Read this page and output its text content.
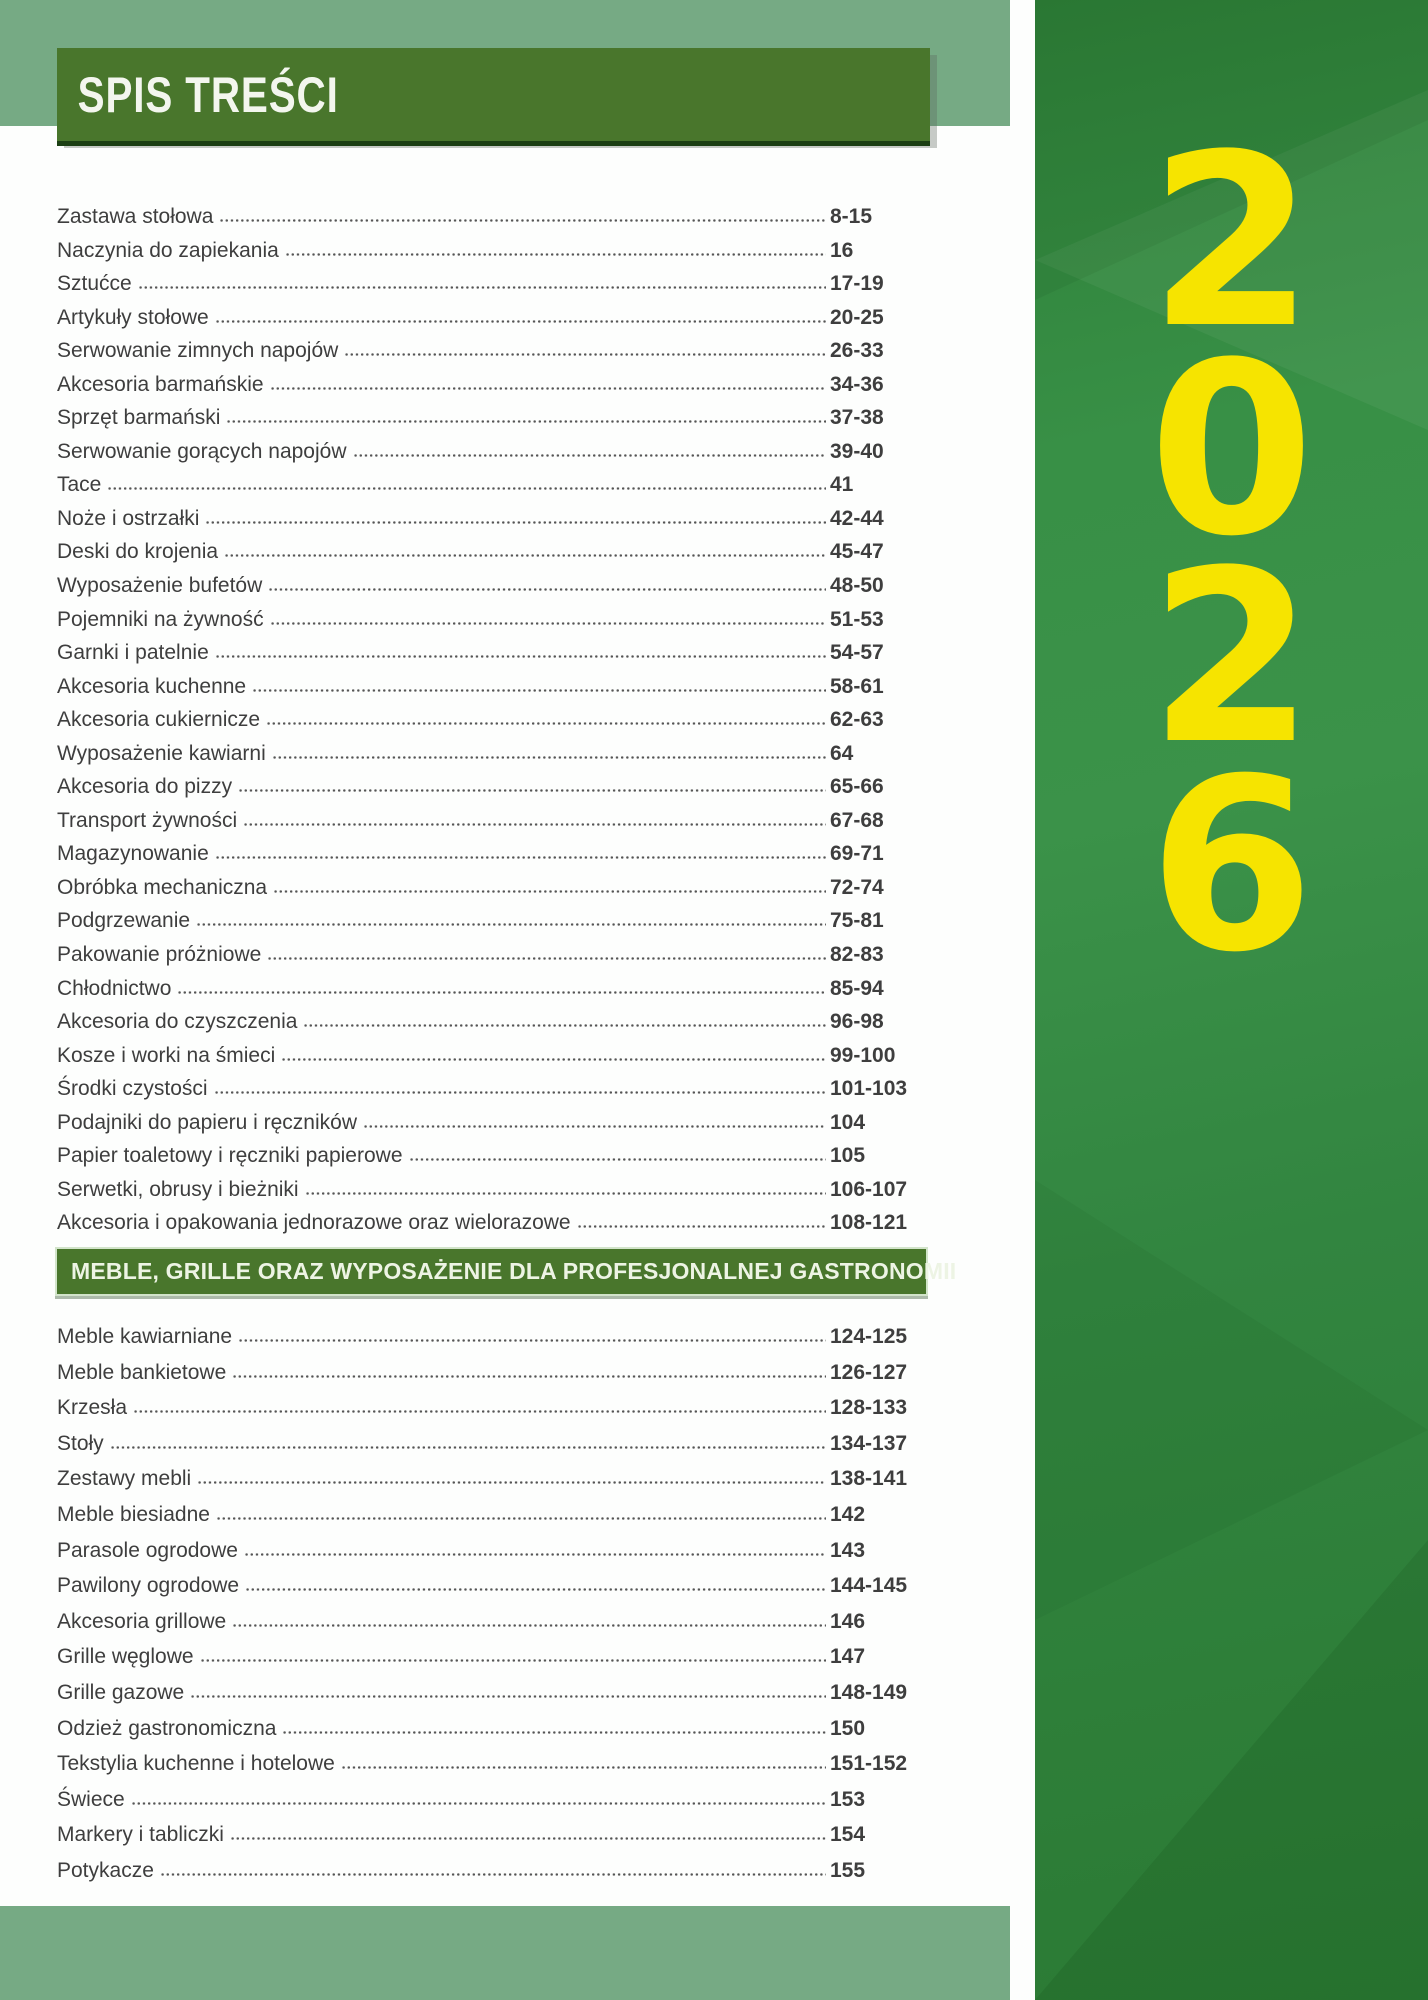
2
0
2
6
SPIS TREŚCI
Zastawa stołowa	8-15
Naczynia do zapiekania	16
Sztućce	17-19
Artykuły stołowe	20-25
Serwowanie zimnych napojów	26-33
Akcesoria barmańskie	34-36
Sprzęt barmański	37-38
Serwowanie gorących napojów	39-40
Tace	41
Noże i ostrzałki	42-44
Deski do krojenia	45-47
Wyposażenie bufetów	48-50
Pojemniki na żywność	51-53
Garnki i patelnie	54-57
Akcesoria kuchenne	58-61
Akcesoria cukiernicze	62-63
Wyposażenie kawiarni	64
Akcesoria do pizzy	65-66
Transport żywności	67-68
Magazynowanie	69-71
Obróbka mechaniczna	72-74
Podgrzewanie	75-81
Pakowanie próżniowe	82-83
Chłodnictwo	85-94
Akcesoria do czyszczenia	96-98
Kosze i worki na śmieci	99-100
Środki czystości	101-103
Podajniki do papieru i ręczników	104
Papier toaletowy i ręczniki papierowe	105
Serwetki, obrusy i bieżniki	106-107
Akcesoria i opakowania jednorazowe oraz wielorazowe	108-121
MEBLE, GRILLE ORAZ WYPOSAŻENIE DLA PROFESJONALNEJ GASTRONOMII
Meble kawiarniane	124-125
Meble bankietowe	126-127
Krzesła	128-133
Stoły	134-137
Zestawy mebli	138-141
Meble biesiadne	142
Parasole ogrodowe	143
Pawilony ogrodowe	144-145
Akcesoria grillowe	146
Grille węglowe	147
Grille gazowe	148-149
Odzież gastronomiczna	150
Tekstylia kuchenne i hotelowe	151-152
Świece	153
Markery i tabliczki	154
Potykacze	155
